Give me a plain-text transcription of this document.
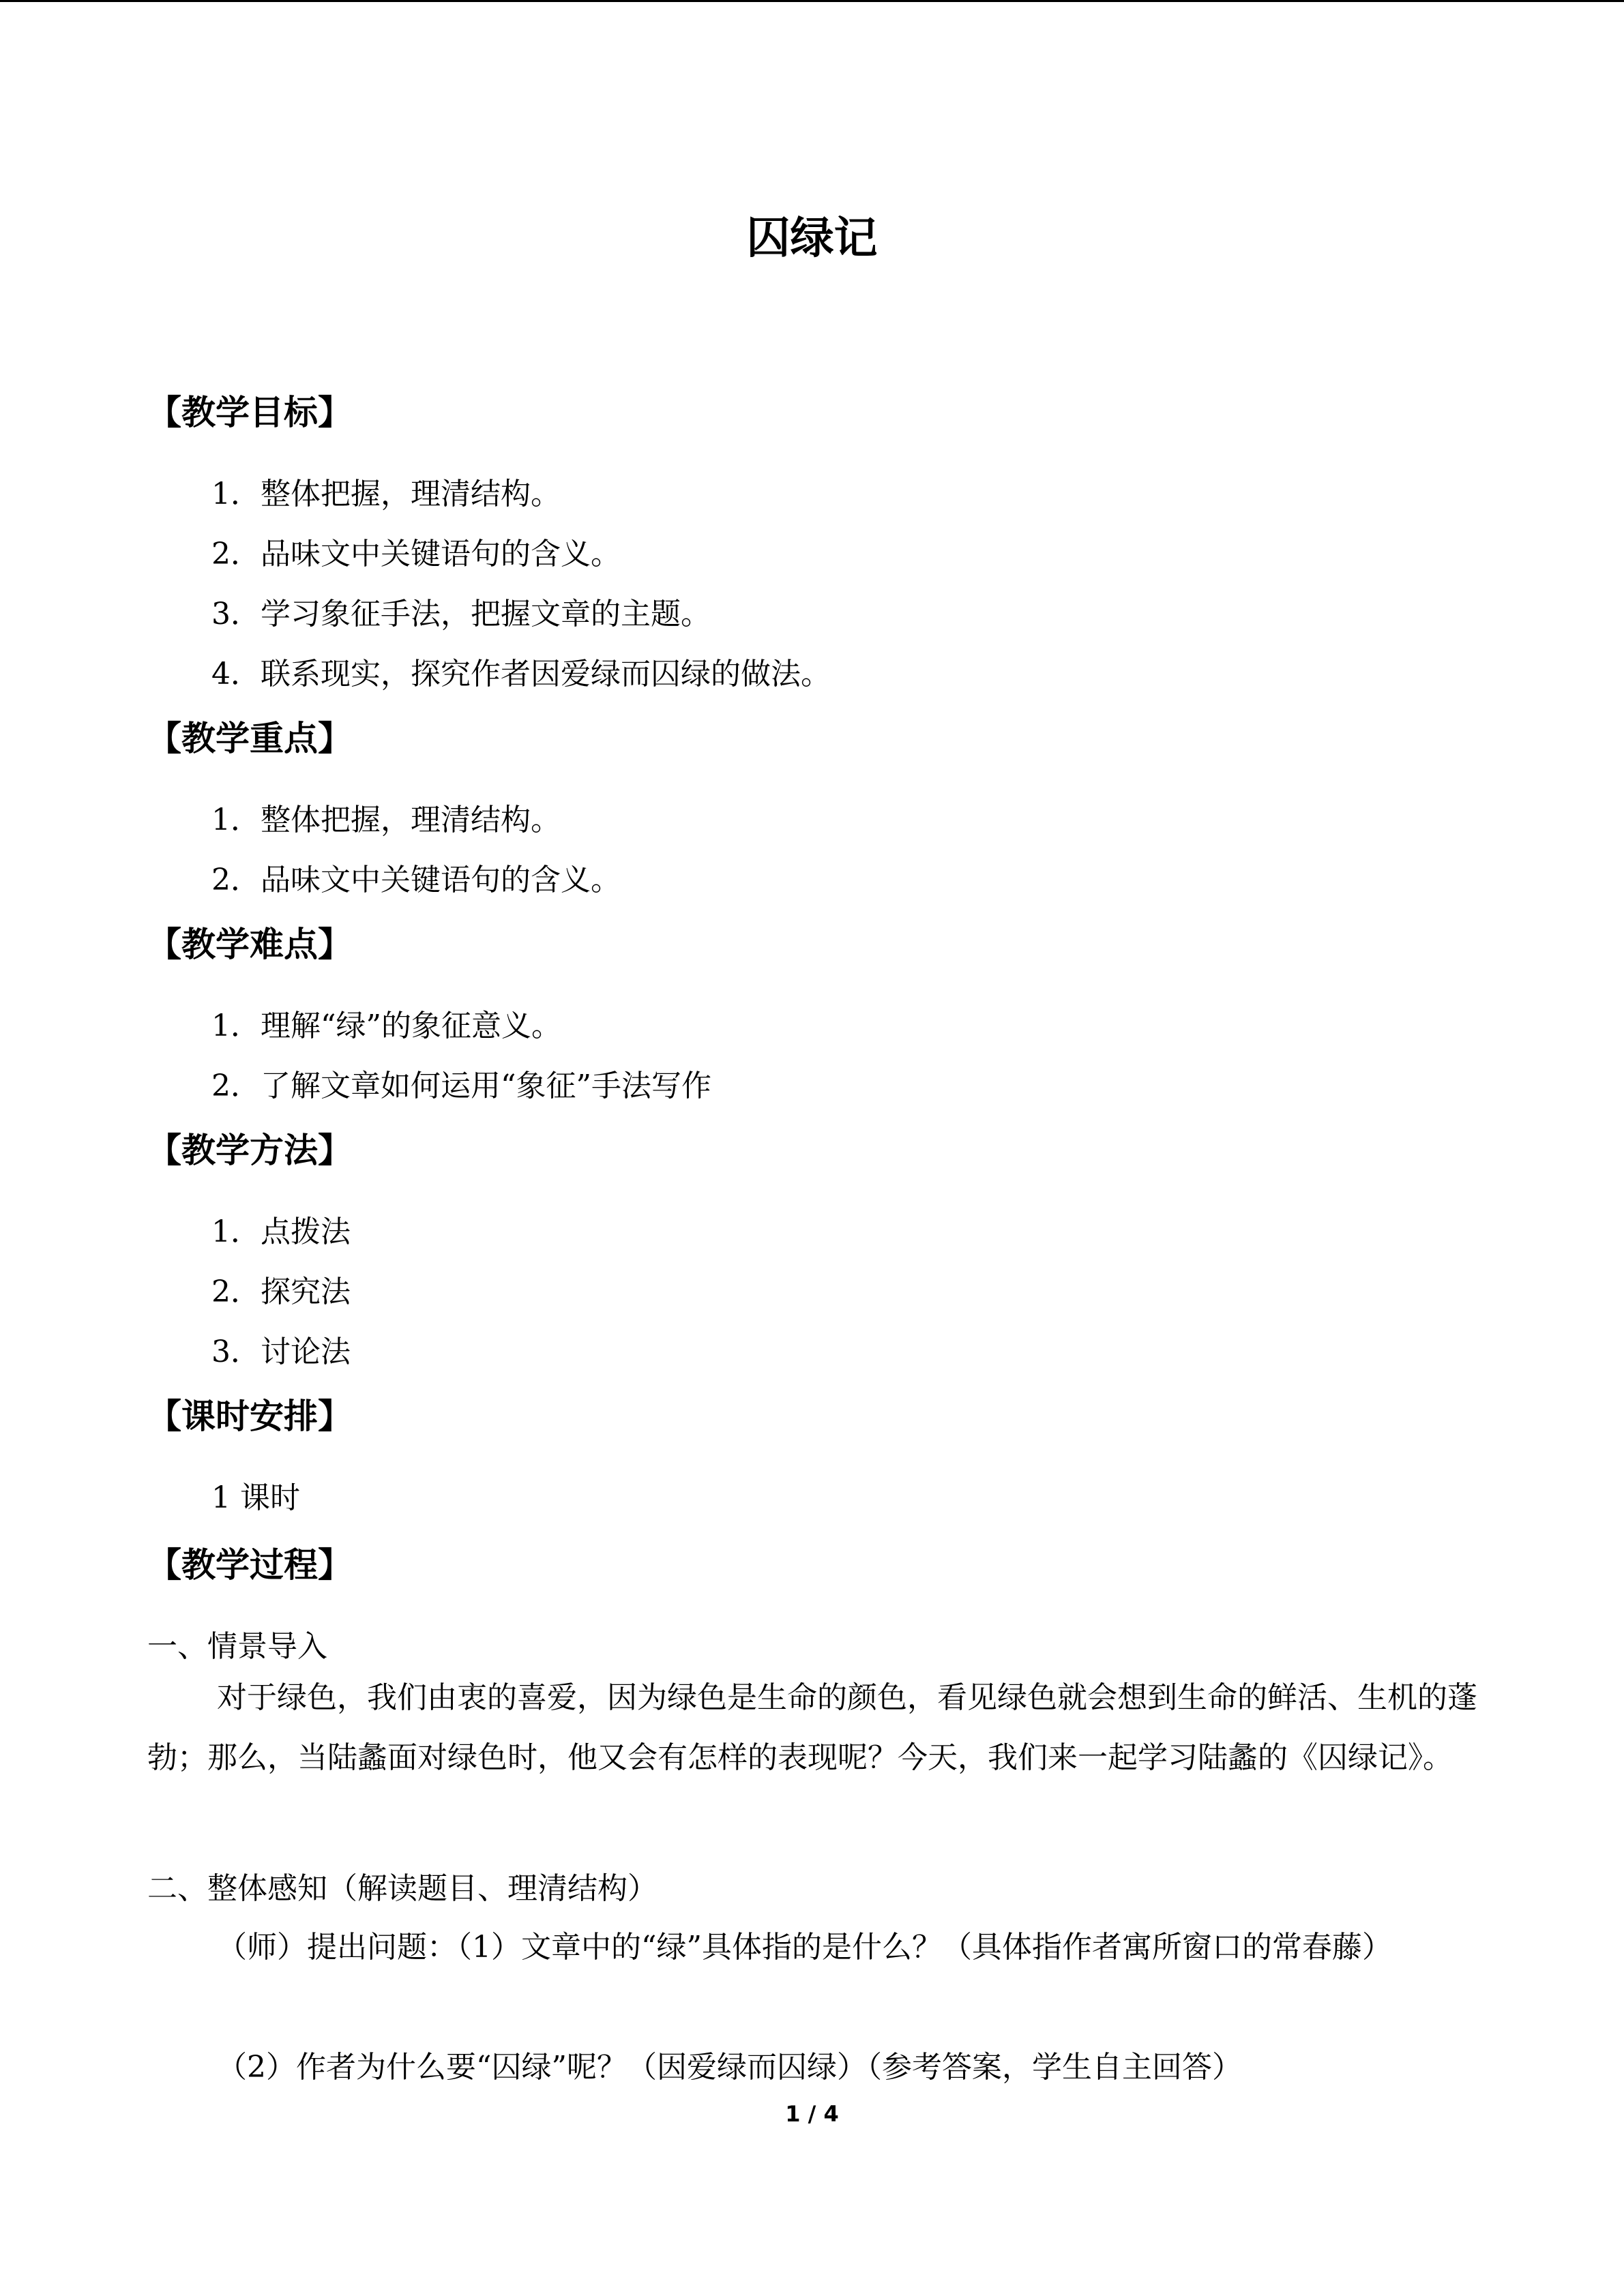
囚绿记
【教学目标】
1．整体把握，理清结构。
2．品味文中关键语句的含义。
3．学习象征手法，把握文章的主题。
4．联系现实，探究作者因爱绿而囚绿的做法。
【教学重点】
1．整体把握，理清结构。
2．品味文中关键语句的含义。
【教学难点】
1．理解“绿”的象征意义。
2．了解文章如何运用“象征”手法写作
【教学方法】
1．点拨法
2．探究法
3．讨论法
【课时安排】
1 课时
【教学过程】
一、情景导入
对于绿色，我们由衷的喜爱，因为绿色是生命的颜色，看见绿色就会想到生命的鲜活、生机的蓬勃；那么，当陆蠡面对绿色时，他又会有怎样的表现呢？今天，我们来一起学习陆蠡的《囚绿记》。
二、整体感知（解读题目、理清结构）
（师）提出问题：（1）文章中的“绿”具体指的是什么？（具体指作者寓所窗口的常春藤）
（2）作者为什么要“囚绿”呢？（因爱绿而囚绿）（参考答案，学生自主回答）
1 / 4
